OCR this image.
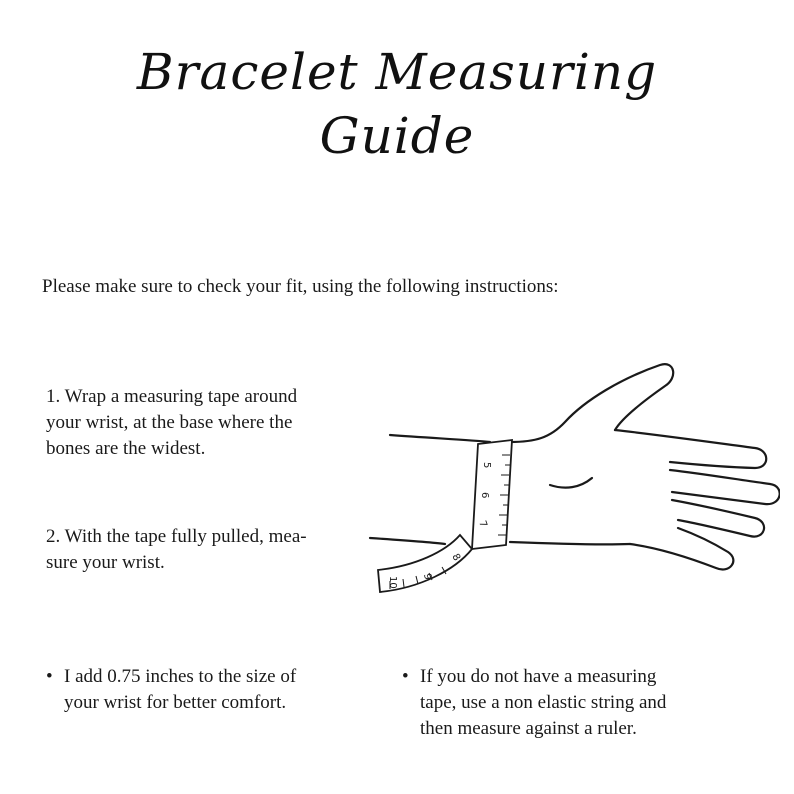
Bracelet Measuring
Guide

Please make sure to check your fit, using the following instructions:

1. Wrap a measuring tape around
your wrist, at the base where the
bones are the widest.
2. With the tape fully pulled, mea-
sure your wrist.
• I add 0.75 inches to the size of
your wrist for better comfort.
• If you do not have a measuring
tape, use a non elastic string and
then measure against a ruler.
5
6
7
8
9
10
